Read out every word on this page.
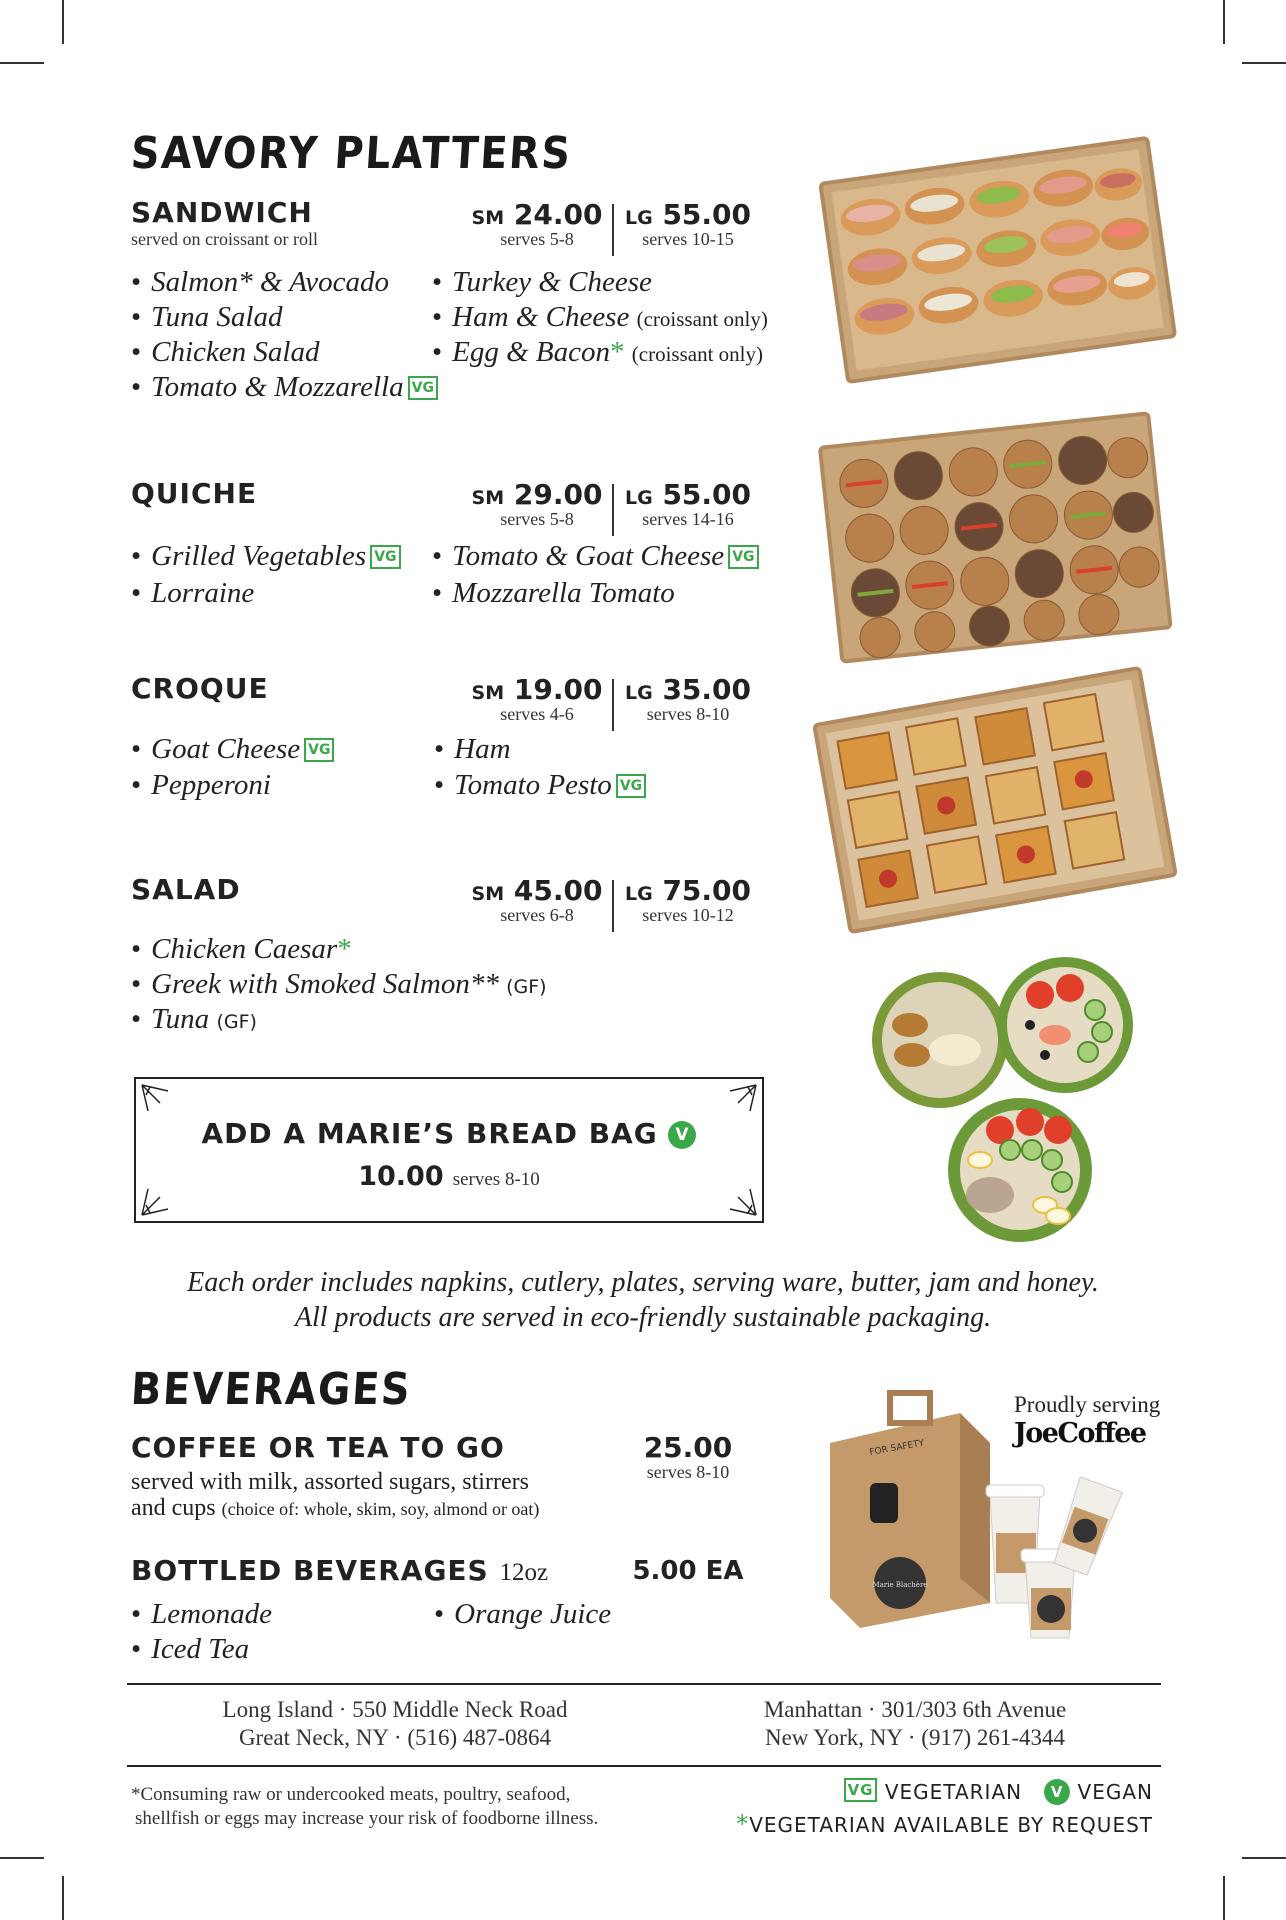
SAVORY PLATTERS
SANDWICH
served on croissant or roll
SM 24.00
serves 5-8
LG 55.00
serves 10-15
• Salmon* & Avocado
• Tuna Salad
• Chicken Salad
• Tomato & Mozzarella VG
• Turkey & Cheese
• Ham & Cheese (croissant only)
• Egg & Bacon* (croissant only)
QUICHE	SM 29.00
serves 5-8
LG 55.00
serves 14-16
• Grilled Vegetables VG
• Lorraine
• Tomato & Goat Cheese VG
• Mozzarella Tomato
CROQUE	SM 19.00
serves 4-6
LG 35.00
serves 8-10
• Goat Cheese VG
• Pepperoni
• Ham
• Tomato Pesto VG
SALAD	SM 45.00
serves 6-8
LG 75.00
serves 10-12
• Chicken Caesar*
• Greek with Smoked Salmon** (GF)
• Tuna (GF)
ADD A MARIE’S BREAD BAG V
10.00 serves 8-10
Each order includes napkins, cutlery, plates, serving ware, butter, jam and honey.
All products are served in eco-friendly sustainable packaging.
BEVERAGES
COFFEE OR TEA TO GO	25.00
serves 8-10
served with milk, assorted sugars, stirrers
and cups (choice of: whole, skim, soy, almond or oat)
BOTTLED BEVERAGES 12oz	5.00 EA
• Lemonade
• Iced Tea
• Orange Juice
Proudly serving
JoeCoffee
Long Island · 550 Middle Neck Road
Great Neck, NY · (516) 487-0864
Manhattan · 301/303 6th Avenue
New York, NY · (917) 261-4344
*Consuming raw or undercooked meats, poultry, seafood,
shellfish or eggs may increase your risk of foodborne illness.
VG VEGETARIAN V VEGAN
*VEGETARIAN AVAILABLE BY REQUEST
FOR SAFETY
Marie Blachère
